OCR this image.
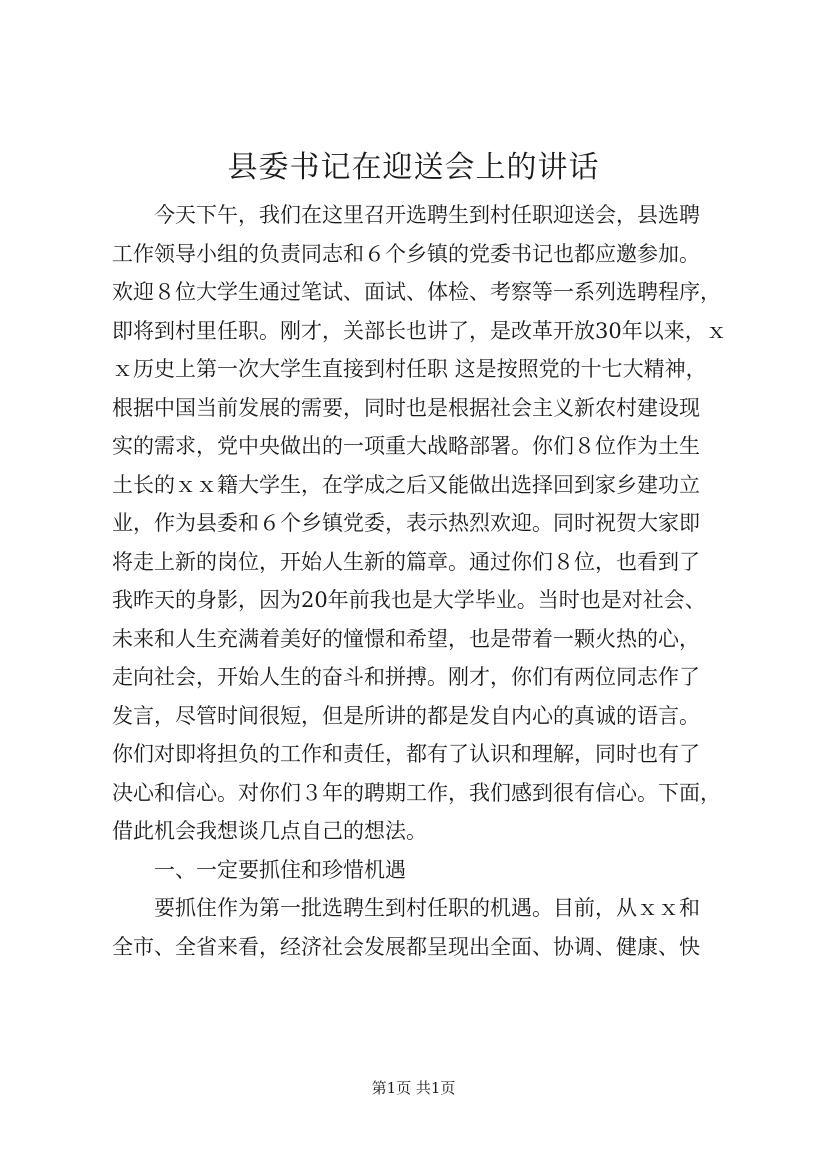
县委书记在迎送会上的讲话
　　今天下午，我们在这里召开选聘生到村任职迎送会，县选聘
工作领导小组的负责同志和６个乡镇的党委书记也都应邀参加。
欢迎８位大学生通过笔试、面试、体检、考察等一系列选聘程序，
即将到村里任职。刚才，关部长也讲了，是改革开放30年以来，ｘ
ｘ历史上第一次大学生直接到村任职 这是按照党的十七大精神，
根据中国当前发展的需要，同时也是根据社会主义新农村建设现
实的需求，党中央做出的一项重大战略部署。你们８位作为土生
土长的ｘｘ籍大学生，在学成之后又能做出选择回到家乡建功立
业，作为县委和６个乡镇党委，表示热烈欢迎。同时祝贺大家即
将走上新的岗位，开始人生新的篇章。通过你们８位，也看到了
我昨天的身影，因为20年前我也是大学毕业。当时也是对社会、
未来和人生充满着美好的憧憬和希望，也是带着一颗火热的心，
走向社会，开始人生的奋斗和拼搏。刚才，你们有两位同志作了
发言，尽管时间很短，但是所讲的都是发自内心的真诚的语言。
你们对即将担负的工作和责任，都有了认识和理解，同时也有了
决心和信心。对你们３年的聘期工作，我们感到很有信心。下面，
借此机会我想谈几点自己的想法。
　　一、一定要抓住和珍惜机遇
　　要抓住作为第一批选聘生到村任职的机遇。目前，从ｘｘ和
全市、全省来看，经济社会发展都呈现出全面、协调、健康、快
第1页 共1页
